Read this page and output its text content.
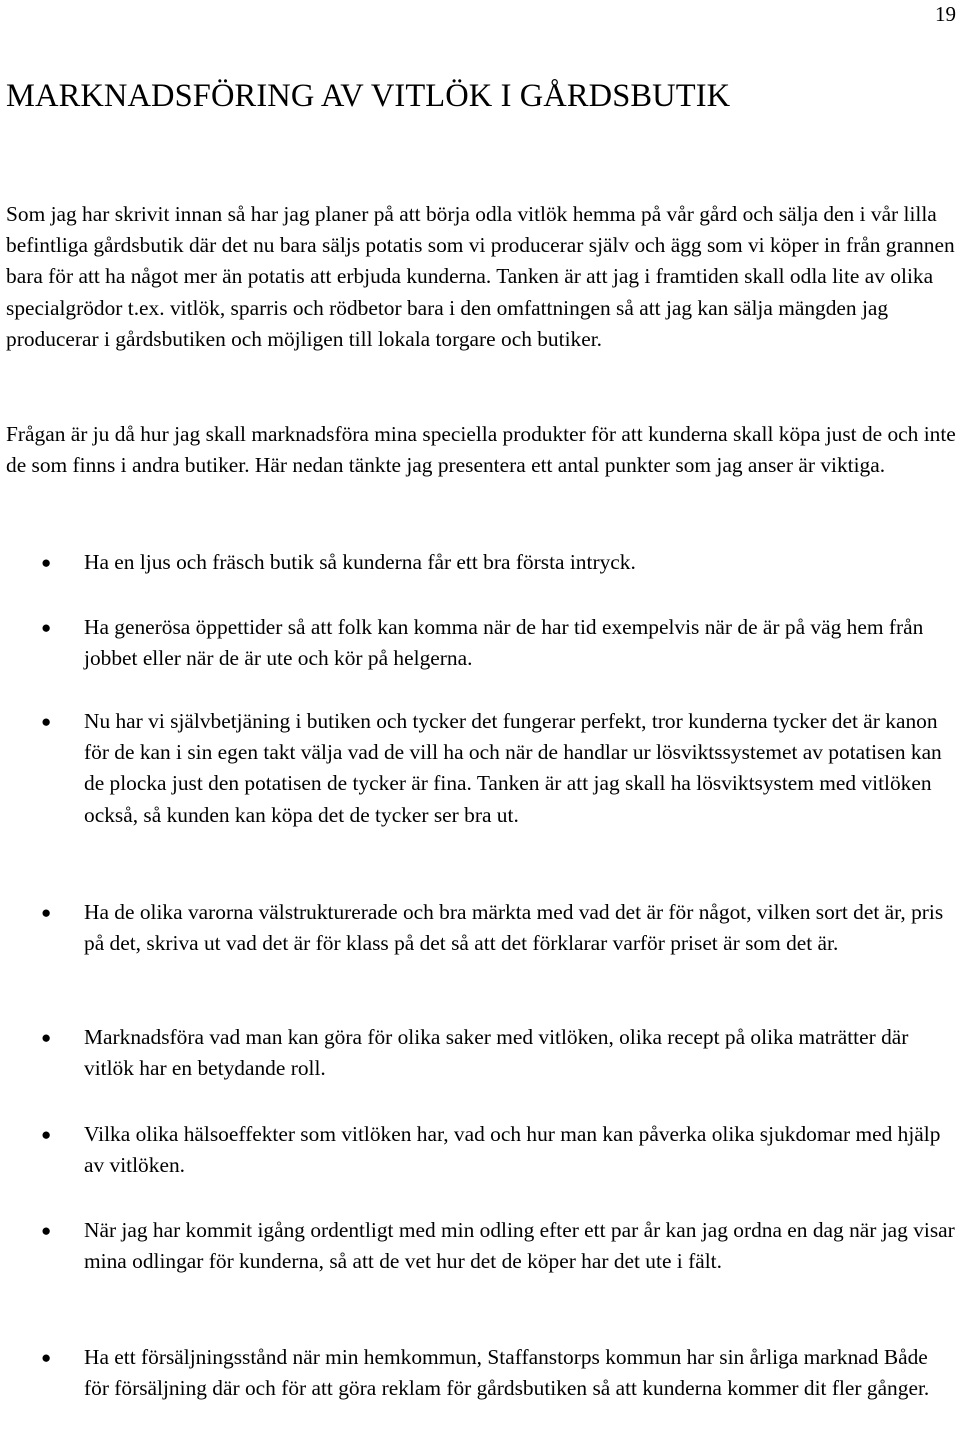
19
MARKNADSFÖRING AV VITLÖK I GÅRDSBUTIK

Som jag har skrivit innan så har jag planer på att börja odla vitlök hemma på vår gård och sälja den i vår lilla befintliga gårdsbutik där det nu bara säljs potatis som vi producerar själv och ägg som vi köper in från grannen bara för att ha något mer än potatis att erbjuda kunderna. Tanken är att jag i framtiden skall odla lite av olika specialgrödor t.ex. vitlök, sparris och rödbetor bara i den omfattningen så att jag kan sälja mängden jag producerar i gårdsbutiken och möjligen till lokala torgare och butiker.

Frågan är ju då hur jag skall marknadsföra mina speciella produkter för att kunderna skall köpa just de och inte de som finns i andra butiker. Här nedan tänkte jag presentera ett antal punkter som jag anser är viktiga.

● Ha en ljus och fräsch butik så kunderna får ett bra första intryck.
● Ha generösa öppettider så att folk kan komma när de har tid exempelvis när de är på väg hem från jobbet eller när de är ute och kör på helgerna.
● Nu har vi självbetjäning i butiken och tycker det fungerar perfekt, tror kunderna tycker det är kanon för de kan i sin egen takt välja vad de vill ha och när de handlar ur lösviktssystemet av potatisen kan de plocka just den potatisen de tycker är fina. Tanken är att jag skall ha lösviktsystem med vitlöken också, så kunden kan köpa det de tycker ser bra ut.
● Ha de olika varorna välstrukturerade och bra märkta med vad det är för något, vilken sort det är, pris på det, skriva ut vad det är för klass på det så att det förklarar varför priset är som det är.
● Marknadsföra vad man kan göra för olika saker med vitlöken, olika recept på olika maträtter där vitlök har en betydande roll.
● Vilka olika hälsoeffekter som vitlöken har, vad och hur man kan påverka olika sjukdomar med hjälp av vitlöken.
● När jag har kommit igång ordentligt med min odling efter ett par år kan jag ordna en dag när jag visar mina odlingar för kunderna, så att de vet hur det de köper har det ute i fält.
● Ha ett försäljningsstånd när min hemkommun, Staffanstorps kommun har sin årliga marknad Både för försäljning där och för att göra reklam för gårdsbutiken så att kunderna kommer dit fler gånger.
